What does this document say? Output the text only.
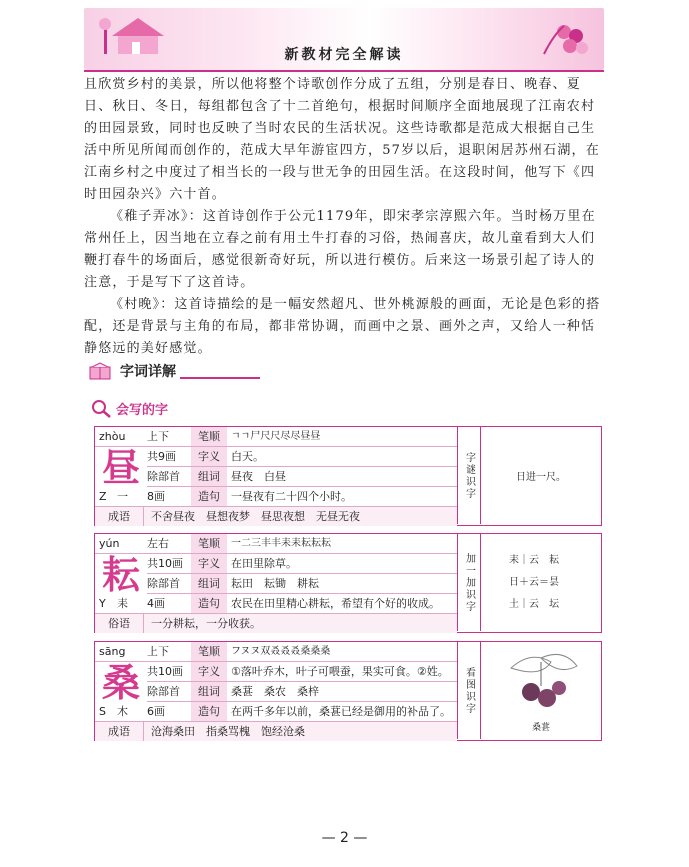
新教材完全解读
且欣赏乡村的美景，所以他将整个诗歌创作分成了五组，分别是春日、晚春、夏日、秋日、冬日，每组都包含了十二首绝句，根据时间顺序全面地展现了江南农村的田园景致，同时也反映了当时农民的生活状况。这些诗歌都是范成大根据自己生活中所见所闻而创作的，范成大早年游宦四方，57岁以后，退职闲居苏州石湖，在江南乡村之中度过了相当长的一段与世无争的田园生活。在这段时间，他写下《四时田园杂兴》六十首。
《稚子弄冰》：这首诗创作于公元1179年，即宋孝宗淳熙六年。当时杨万里在常州任上，因当地在立春之前有用土牛打春的习俗，热闹喜庆，故儿童看到大人们鞭打春牛的场面后，感觉很新奇好玩，所以进行模仿。后来这一场景引起了诗人的注意，于是写下了这首诗。
《村晚》：这首诗描绘的是一幅安然超凡、世外桃源般的画面，无论是色彩的搭配，还是背景与主角的布局，都非常协调，而画中之景、画外之声，又给人一种恬静悠远的美好感觉。
字词详解
会写的字
zhòu	上下	笔顺	ㄱㄱ尸尺尺尽尽昼昼
昼 共9画	字义	白天。
除部首	组词	昼夜　白昼
Z 一	8画	造句	一昼夜有二十四个小时。
成语	不舍昼夜　昼想夜梦　昼思夜想　无昼无夜
字谜识字	日进一尺。
yún	左右	笔顺	一二三丰丰耒耒耘耘耘
耘 共10画	字义	在田里除草。
除部首	组词	耘田　耘锄　耕耘
Y	耒	4画	造句	农民在田里精心耕耘，希望有个好的收成。
俗语	一分耕耘，一分收获。
加一加识字	耒｜云　耘
日＋云＝昙
土｜云　坛
sāng	上下	笔顺	フヌヌ双叒叒叒桑桑桑
桑 共10画	字义	①落叶乔木，叶子可喂蚕，果实可食。②姓。
除部首	组词	桑葚　桑农　桑梓
S	木	6画	造句	在两千多年以前，桑葚已经是御用的补品了。
成语	沧海桑田　指桑骂槐　饱经沧桑
看图识字
桑葚
— 2 —
